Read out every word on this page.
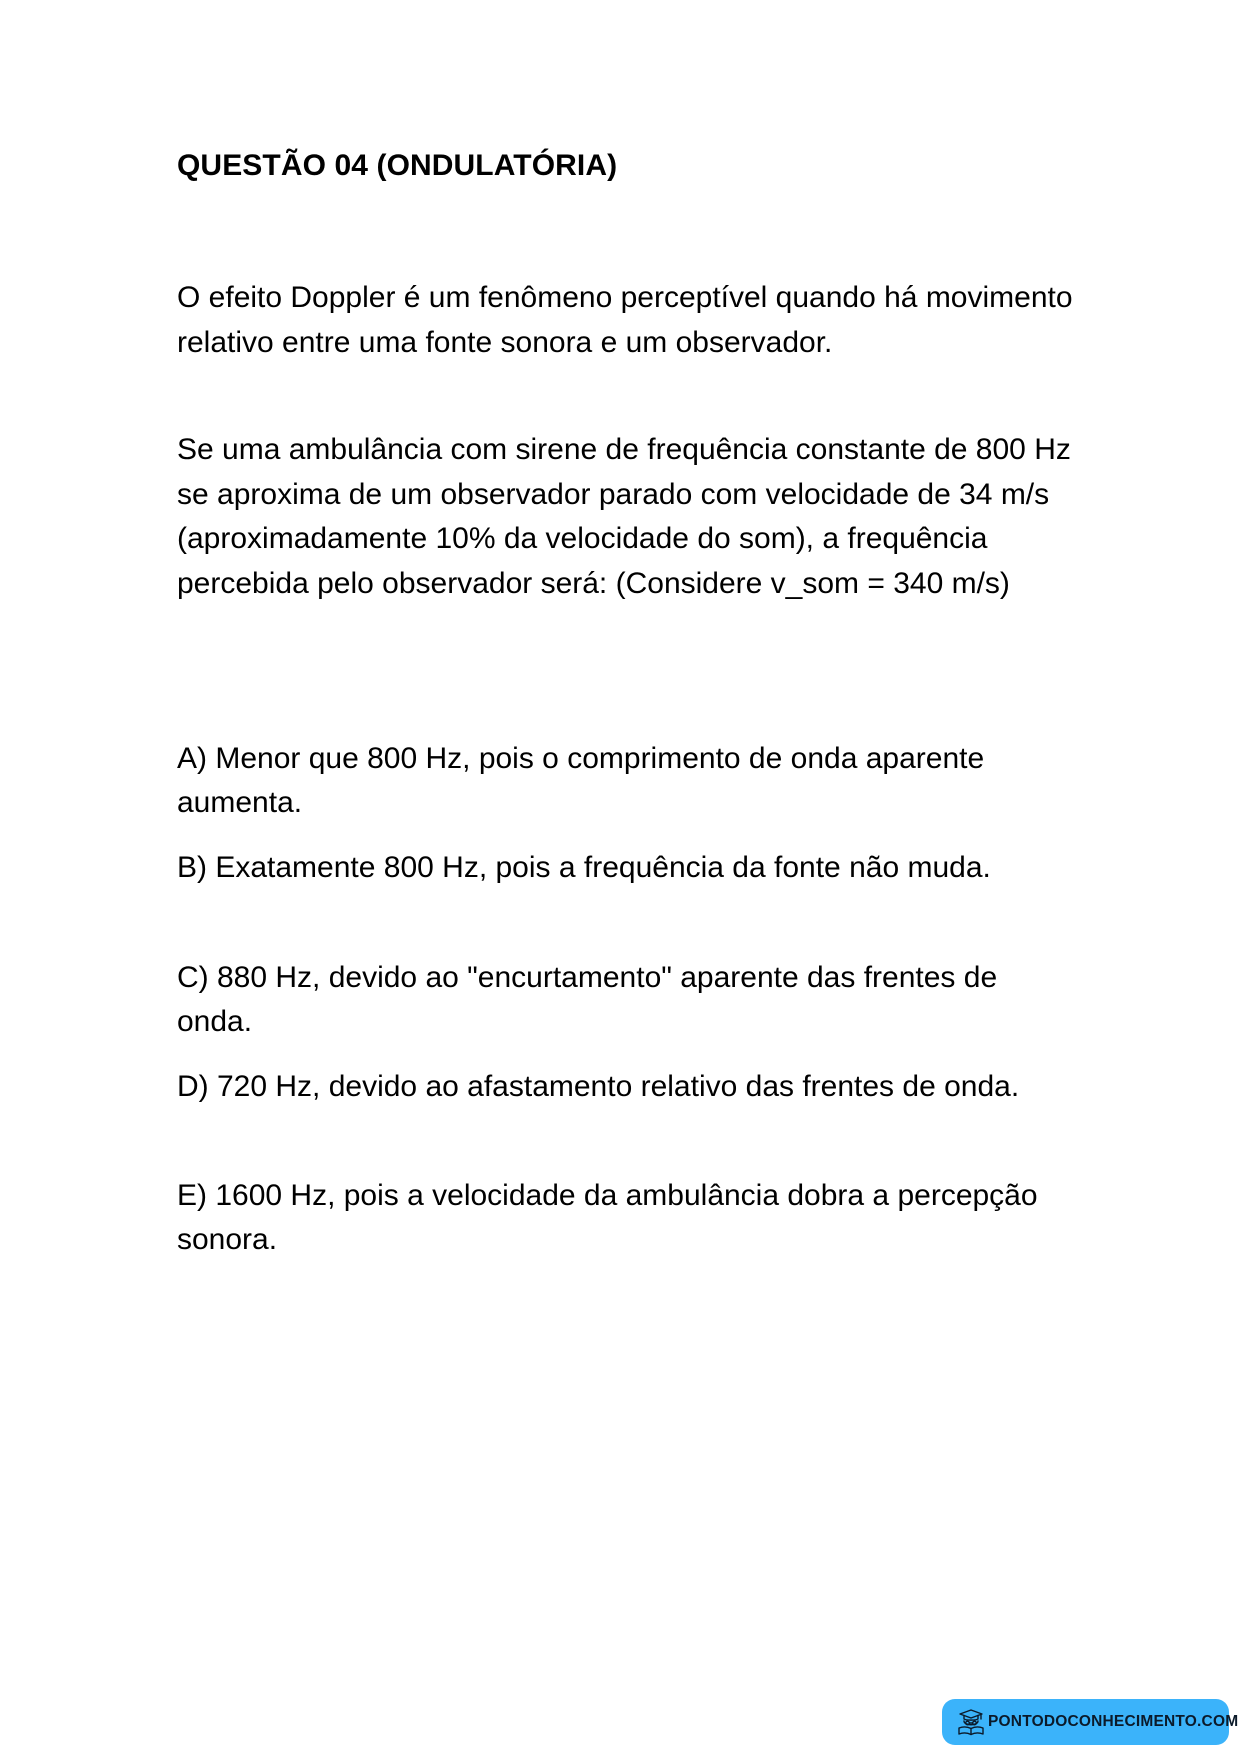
QUESTÃO 04 (ONDULATÓRIA)

O efeito Doppler é um fenômeno perceptível quando há movimento relativo entre uma fonte sonora e um observador.

Se uma ambulância com sirene de frequência constante de 800 Hz se aproxima de um observador parado com velocidade de 34 m/s (aproximadamente 10% da velocidade do som), a frequência percebida pelo observador será: (Considere v_som = 340 m/s)

A) Menor que 800 Hz, pois o comprimento de onda aparente aumenta.

B) Exatamente 800 Hz, pois a frequência da fonte não muda.

C) 880 Hz, devido ao "encurtamento" aparente das frentes de onda.

D) 720 Hz, devido ao afastamento relativo das frentes de onda.

E) 1600 Hz, pois a velocidade da ambulância dobra a percepção sonora.

PONTODOCONHECIMENTO.COM
